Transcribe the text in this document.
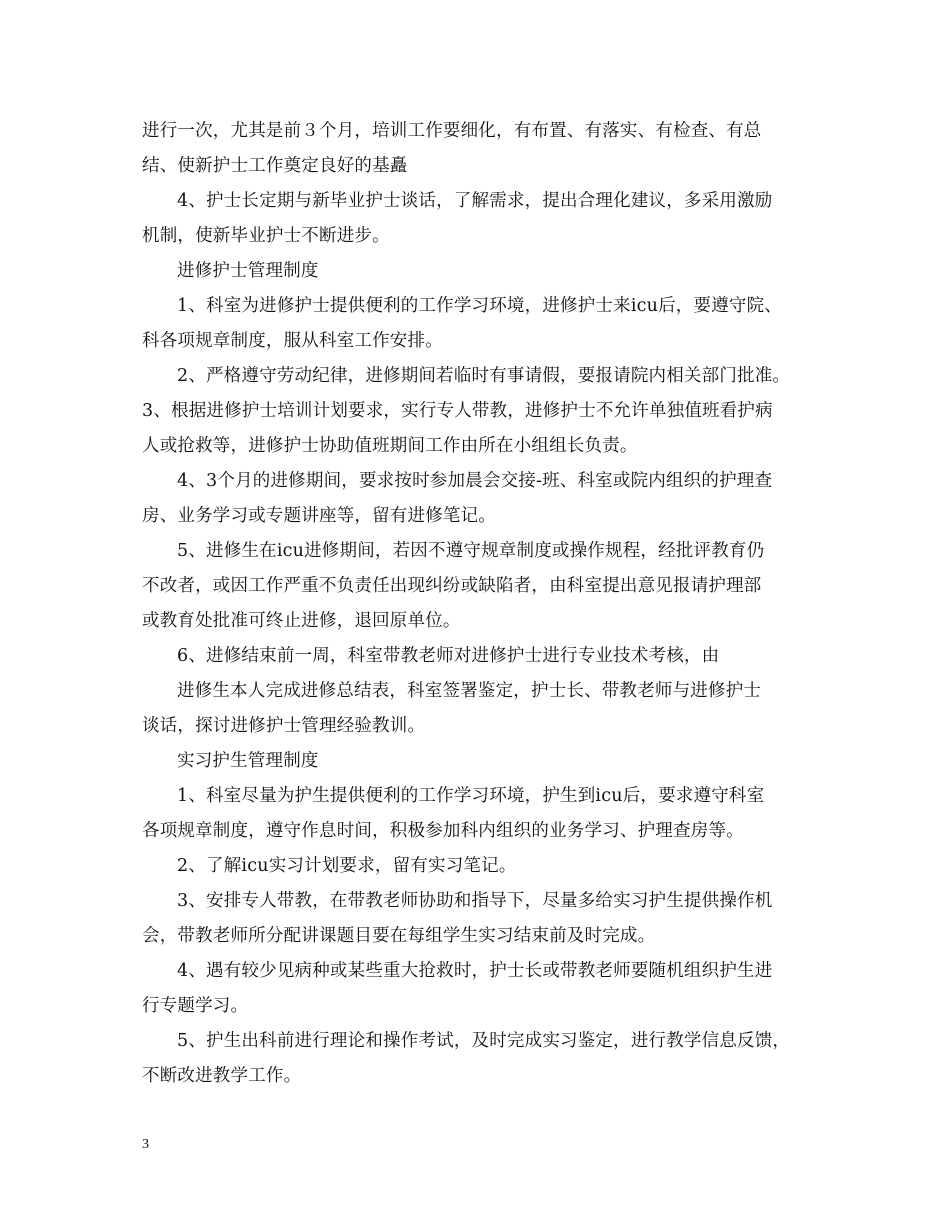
进行一次，尤其是前３个月，培训工作要细化，有布置、有落实、有检查、有总
结、使新护士工作奠定良好的基矗
4、护士长定期与新毕业护士谈话，了解需求，提出合理化建议，多采用激励
机制，使新毕业护士不断进步。
进修护士管理制度
1、科室为进修护士提供便利的工作学习环境，进修护士来icu后，要遵守院、
科各项规章制度，服从科室工作安排。
2、严格遵守劳动纪律，进修期间若临时有事请假，要报请院内相关部门批准。
3、根据进修护士培训计划要求，实行专人带教，进修护士不允许单独值班看护病
人或抢救等，进修护士协助值班期间工作由所在小组组长负责。
4、3个月的进修期间，要求按时参加晨会交接-班、科室或院内组织的护理查
房、业务学习或专题讲座等，留有进修笔记。
5、进修生在icu进修期间，若因不遵守规章制度或操作规程，经批评教育仍
不改者，或因工作严重不负责任出现纠纷或缺陷者，由科室提出意见报请护理部
或教育处批准可终止进修，退回原单位。
6、进修结束前一周，科室带教老师对进修护士进行专业技术考核，由
进修生本人完成进修总结表，科室签署鉴定，护士长、带教老师与进修护士
谈话，探讨进修护士管理经验教训。
实习护生管理制度
1、科室尽量为护生提供便利的工作学习环境，护生到icu后，要求遵守科室
各项规章制度，遵守作息时间，积极参加科内组织的业务学习、护理查房等。
2、了解icu实习计划要求，留有实习笔记。
3、安排专人带教，在带教老师协助和指导下，尽量多给实习护生提供操作机
会，带教老师所分配讲课题目要在每组学生实习结束前及时完成。
4、遇有较少见病种或某些重大抢救时，护士长或带教老师要随机组织护生进
行专题学习。
5、护生出科前进行理论和操作考试，及时完成实习鉴定，进行教学信息反馈，
不断改进教学工作。
3
